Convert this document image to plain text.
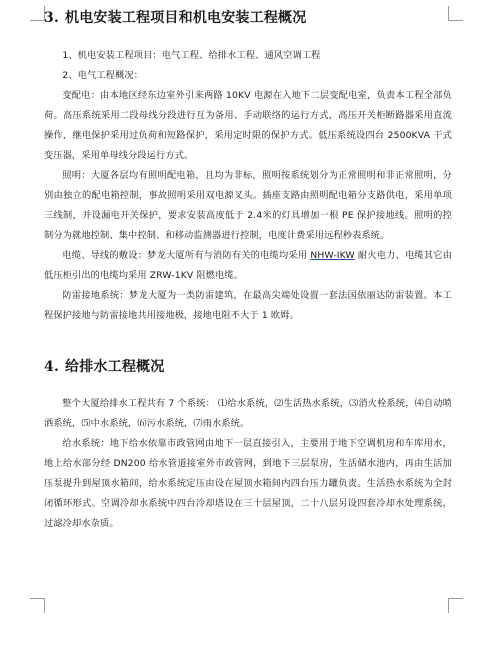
3. 机电安装工程项目和机电安装工程概况

1、机电安装工程项目：电气工程、给排水工程、通风空调工程

2、电气工程概况：

变配电：由本地区经东边室外引来两路 10KV 电源在入地下二层变配电室，负责本工程全部负荷。高压系统采用二段母线分段进行互为备用、手动联络的运行方式，高压开关柜断路器采用直流操作，继电保护采用过负荷和短路保护，采用定时限的保护方式。低压系统设四台 2500KVA 干式变压器，采用单母线分段运行方式。

照明：大厦各层均有照明配电箱，且均为非标，照明按系统划分为正常照明和非正常照明，分别由独立的配电箱控制，事故照明采用双电源叉头。插座支路由照明配电箱分支路供电，采用单项三线制，并设漏电开关保护，要求安装高度低于 2.4米的灯具增加一根 PE 保护接地线。照明的控制分为就地控制、集中控制、和移动监测器进行控制，电度计费采用远程秒表系统。

电缆、导线的敷设：梦龙大厦所有与消防有关的电缆均采用 NHW-IKW 耐火电力、电缆其它由低压柜引出的电缆均采用 ZRW-1KV 阻燃电缆。

防雷接地系统：梦龙大厦为一类防雷建筑，在最高尖端处设置一套法国依丽达防雷装置。本工程保护接地与防雷接地共用接地极，接地电阻不大于 1 欧姆。

4. 给排水工程概况

整个大厦给排水工程共有 7 个系统： ⑴给水系统，⑵生活热水系统，⑶消火栓系统，⑷自动喷洒系统，⑸中水系统，⑹污水系统，⑺雨水系统。

给水系统：地下给水依靠市政管网由地下一层直接引入，主要用于地下空调机房和车库用水，地上给水部分经 DN200 给水管道接室外市政管网，到地下三层泵房，生活储水池内，再由生活加压泵提升到屋顶水箱间，给水系统定压由设在屋顶水箱间内四台压力罐负责。生活热水系统为全封闭循环形式。空调冷却水系统中四台冷却塔设在三十层屋顶，二十八层另设四套冷却水处理系统，过滤冷却水杂质。
